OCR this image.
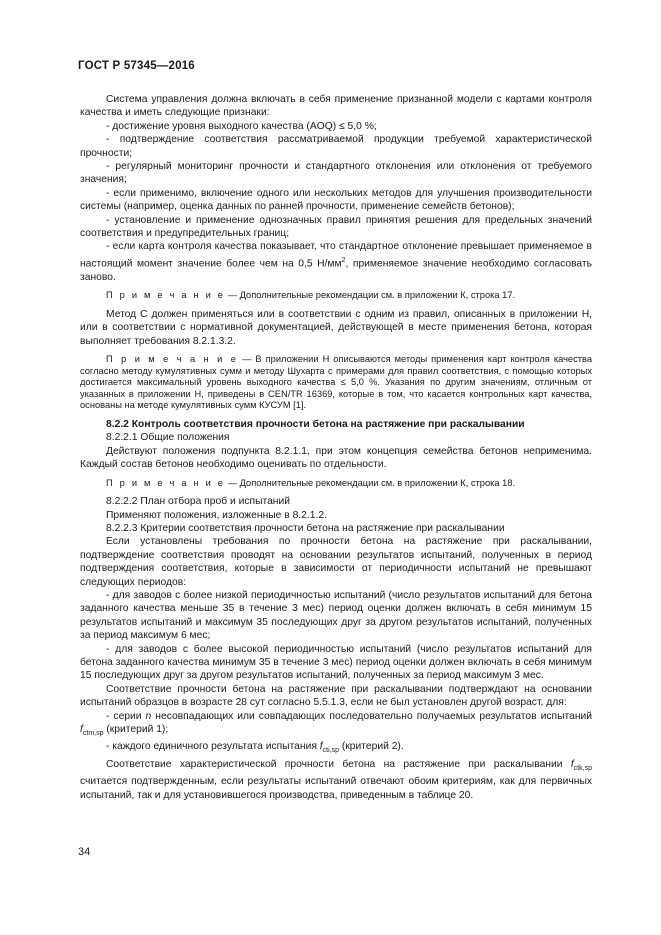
ГОСТ Р 57345—2016

Система управления должна включать в себя применение признанной модели с картами контроля качества и иметь следующие признаки:

- достижение уровня выходного качества (AOQ) ≤ 5,0 %;

- подтверждение соответствия рассматриваемой продукции требуемой характеристической прочности;

- регулярный мониторинг прочности и стандартного отклонения или отклонения от требуемого значения;

- если применимо, включение одного или нескольких методов для улучшения производительности системы (например, оценка данных по ранней прочности, применение семейств бетонов);

- установление и применение однозначных правил принятия решения для предельных значений соответствия и предупредительных границ;

- если карта контроля качества показывает, что стандартное отклонение превышает применяемое в настоящий момент значение более чем на 0,5 $Н/мм^2$, применяемое значение необходимо согласовать заново.

П р и м е ч а н и е — Дополнительные рекомендации см. в приложении К, строка 17.

Метод С должен применяться или в соответствии с одним из правил, описанных в приложении Н, или в соответствии с нормативной документацией, действующей в месте применения бетона, которая выполняет требования 8.2.1.3.2.

П р и м е ч а н и е — В приложении Н описываются методы применения карт контроля качества согласно методу кумулятивных сумм и методу Шухарта с примерами для правил соответствия, с помощью которых достигается максимальный уровень выходного качества ≤ 5,0 %. Указания по другим значениям, отличным от указанных в приложении Н, приведены в CEN/TR 16369, которые в том, что касается контрольных карт качества, основаны на методе кумулятивных сумм КУСУМ [1].

8.2.2 Контроль соответствия прочности бетона на растяжение при раскалывании

8.2.2.1 Общие положения

Действуют положения подпункта 8.2.1.1, при этом концепция семейства бетонов неприменима. Каждый состав бетонов необходимо оценивать по отдельности.

П р и м е ч а н и е — Дополнительные рекомендации см. в приложении К, строка 18.

8.2.2.2 План отбора проб и испытаний

Применяют положения, изложенные в 8.2.1.2.

8.2.2.3 Критерии соответствия прочности бетона на растяжение при раскалывании

Если установлены требования по прочности бетона на растяжение при раскалывании, подтверждение соответствия проводят на основании результатов испытаний, полученных в период подтверждения соответствия, которые в зависимости от периодичности испытаний не превышают следующих периодов:

- для заводов с более низкой периодичностью испытаний (число результатов испытаний для бетона заданного качества меньше 35 в течение 3 мес) период оценки должен включать в себя минимум 15 результатов испытаний и максимум 35 последующих друг за другом результатов испытаний, полученных за период максимум 6 мес;

- для заводов с более высокой периодичностью испытаний (число результатов испытаний для бетона заданного качества минимум 35 в течение 3 мес) период оценки должен включать в себя минимум 15 последующих друг за другом результатов испытаний, полученных за период максимум 3 мес.

Соответствие прочности бетона на растяжение при раскалывании подтверждают на основании испытаний образцов в возрасте 28 сут согласно 5.5.1.3, если не был установлен другой возраст, для:

- серии n несовпадающих или совпадающих последовательно получаемых результатов испытаний $f_{ctm,sp}$ (критерий 1);

- каждого единичного результата испытания $f_{cti,sp}$ (критерий 2).

Соответствие характеристической прочности бетона на растяжение при раскалывании $f_{ctk,sp}$ считается подтвержденным, если результаты испытаний отвечают обоим критериям, как для первичных испытаний, так и для установившегося производства, приведенным в таблице 20.

34
